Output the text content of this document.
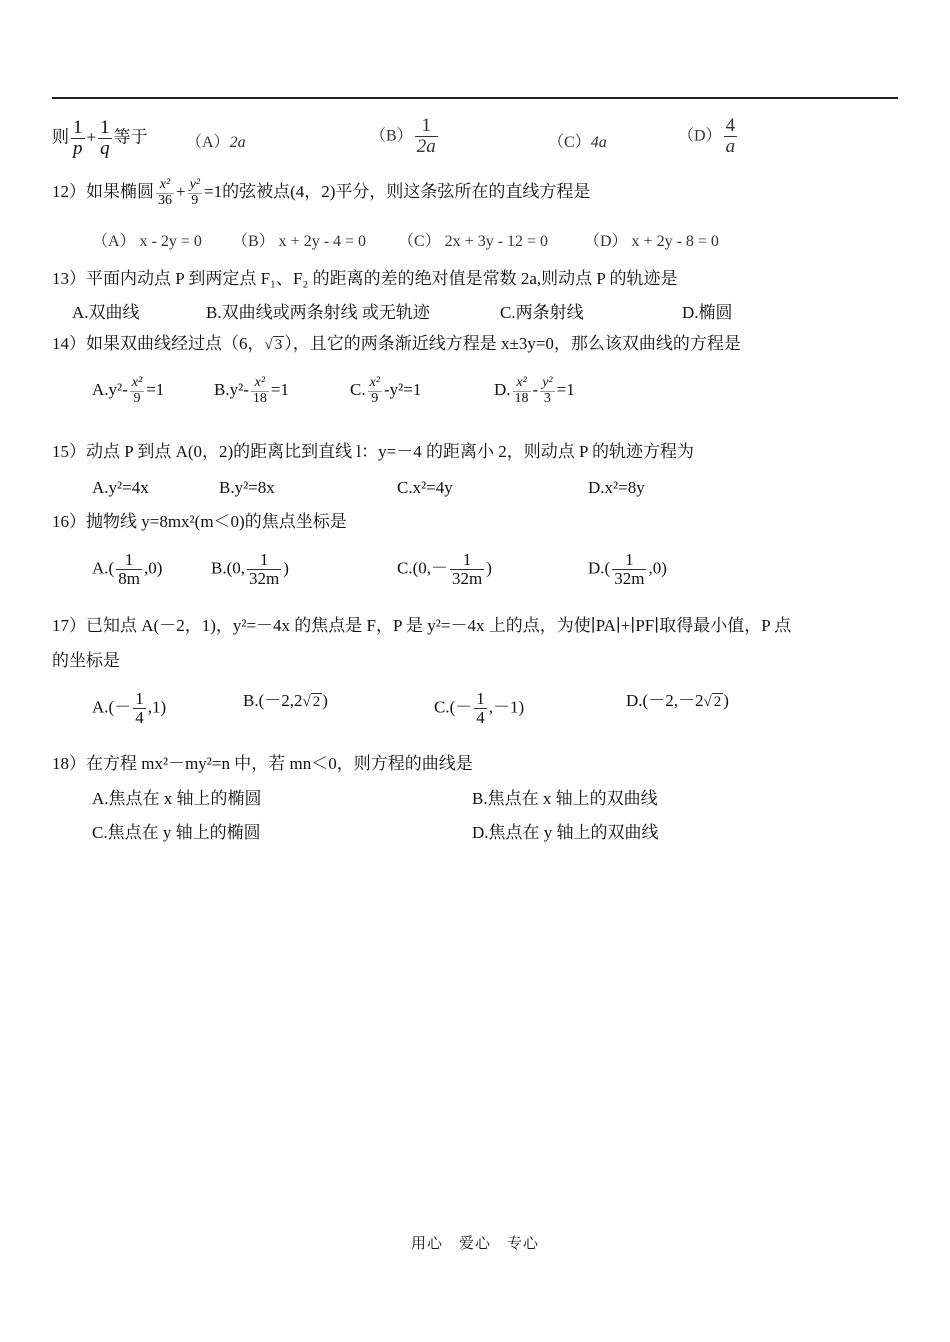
则 $\frac{1}{p} + \frac{1}{q}$ 等于 （A）2a	$(B) \frac{1}{2a}$	（C）4a	$(D) \frac{4}{a}$
12）如果椭圆 $\frac{\text{x²}}{36} + \frac{\text{y²}}{9} =1$的弦被点(4，2)平分，则这条弦所在的直线方程是
（A） x - 2y = 0 （B） x + 2y - 4 = 0 （C） 2x + 3y - 12 = 0 （D） x + 2y - 8 = 0
13）平面内动点 P 到两定点 F₁、F₂ 的距离的差的绝对值是常数 2a,则动点 P 的轨迹是
A.双曲线	B.双曲线或两条射线 或无轨迹	C.两条射线	D.椭圆
14）如果双曲线经过点（6，√ 3 ），且它的两条渐近线方程是 x±3y=0，那么该双曲线的方程是
$A.y^2- \frac{\text{x²}}{9} =1$	$B.y^2- \frac{\text{x²}}{18} =1$	C. $\frac{\text{x²}}{9} -y^2=1$	D. $\frac{\text{x²}}{18} - \frac{\text{y²}}{3} =1$
15）动点 P 到点 A(0，2)的距离比到直线 l：y=－4 的距离小 2，则动点 P 的轨迹方程为
A.y²=4x	B.y²=8x	C.x²=4y	D.x²=8y
16）抛物线 y=8mx²(m＜0)的焦点坐标是
$A.( \frac{1}{8m} ,0)$	B.(0, $\frac{1}{32m}$ )	$C.(0,- \frac{1}{32m}$ )	$D.( \frac{1}{32m} ,0)$
17）已知点 A(－2，1)，y²=－4x 的焦点是 F，P 是 y²=－4x 上的点，为使∣PA∣+∣PF∣取得最小值，P 点
的坐标是
$A.(- \frac{1}{4} ,1)$	B.(－2,2√ 2 )	$C.(- \frac{1}{4} ,-1)$	D.(－2,－2√ 2 )
18）在方程 mx²－my²=n 中，若 mn＜0，则方程的曲线是
A.焦点在 x 轴上的椭圆	B.焦点在 x 轴上的双曲线
C.焦点在 y 轴上的椭圆	D.焦点在 y 轴上的双曲线
用心　爱心　专心
